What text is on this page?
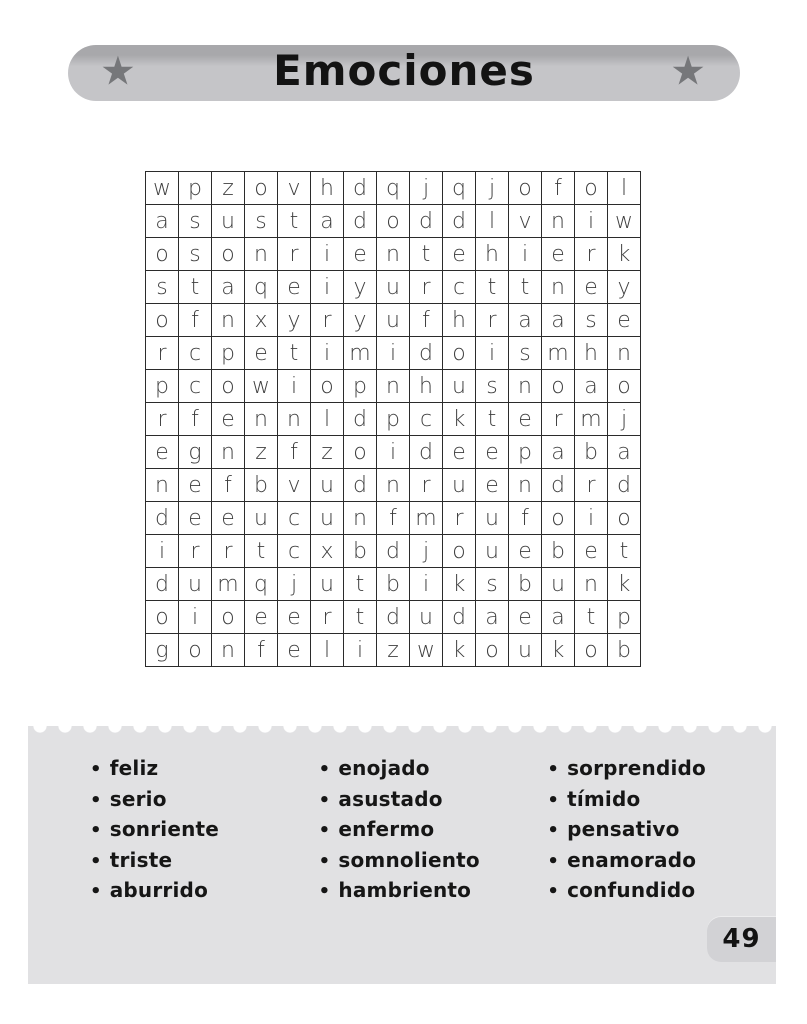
★	Emociones	★
w	p	z	o	v	h	d	q	j	q	j	o	f	o	l
a	s	u	s	t	a	d	o	d	d	l	v	n	i	w
o	s	o	n	r	i	e	n	t	e	h	i	e	r	k
s	t	a	q	e	i	y	u	r	c	t	t	n	e	y
o	f	n	x	y	r	y	u	f	h	r	a	a	s	e
r	c	p	e	t	i	m	i	d	o	i	s	m	h	n
p	c	o	w	i	o	p	n	h	u	s	n	o	a	o
r	f	e	n	n	l	d	p	c	k	t	e	r	m	j
e	g	n	z	f	z	o	i	d	e	e	p	a	b	a
n	e	f	b	v	u	d	n	r	u	e	n	d	r	d
d	e	e	u	c	u	n	f	m	r	u	f	o	i	o
i	r	r	t	c	x	b	d	j	o	u	e	b	e	t
d	u	m	q	j	u	t	b	i	k	s	b	u	n	k
o	i	o	e	e	r	t	d	u	d	a	e	a	t	p
g	o	n	f	e	l	i	z	w	k	o	u	k	o	b
• feliz
• serio
• sonriente
• triste
• aburrido
• enojado
• asustado
• enfermo
• somnoliento
• hambriento
• sorprendido
• tímido
• pensativo
• enamorado
• confundido
49
